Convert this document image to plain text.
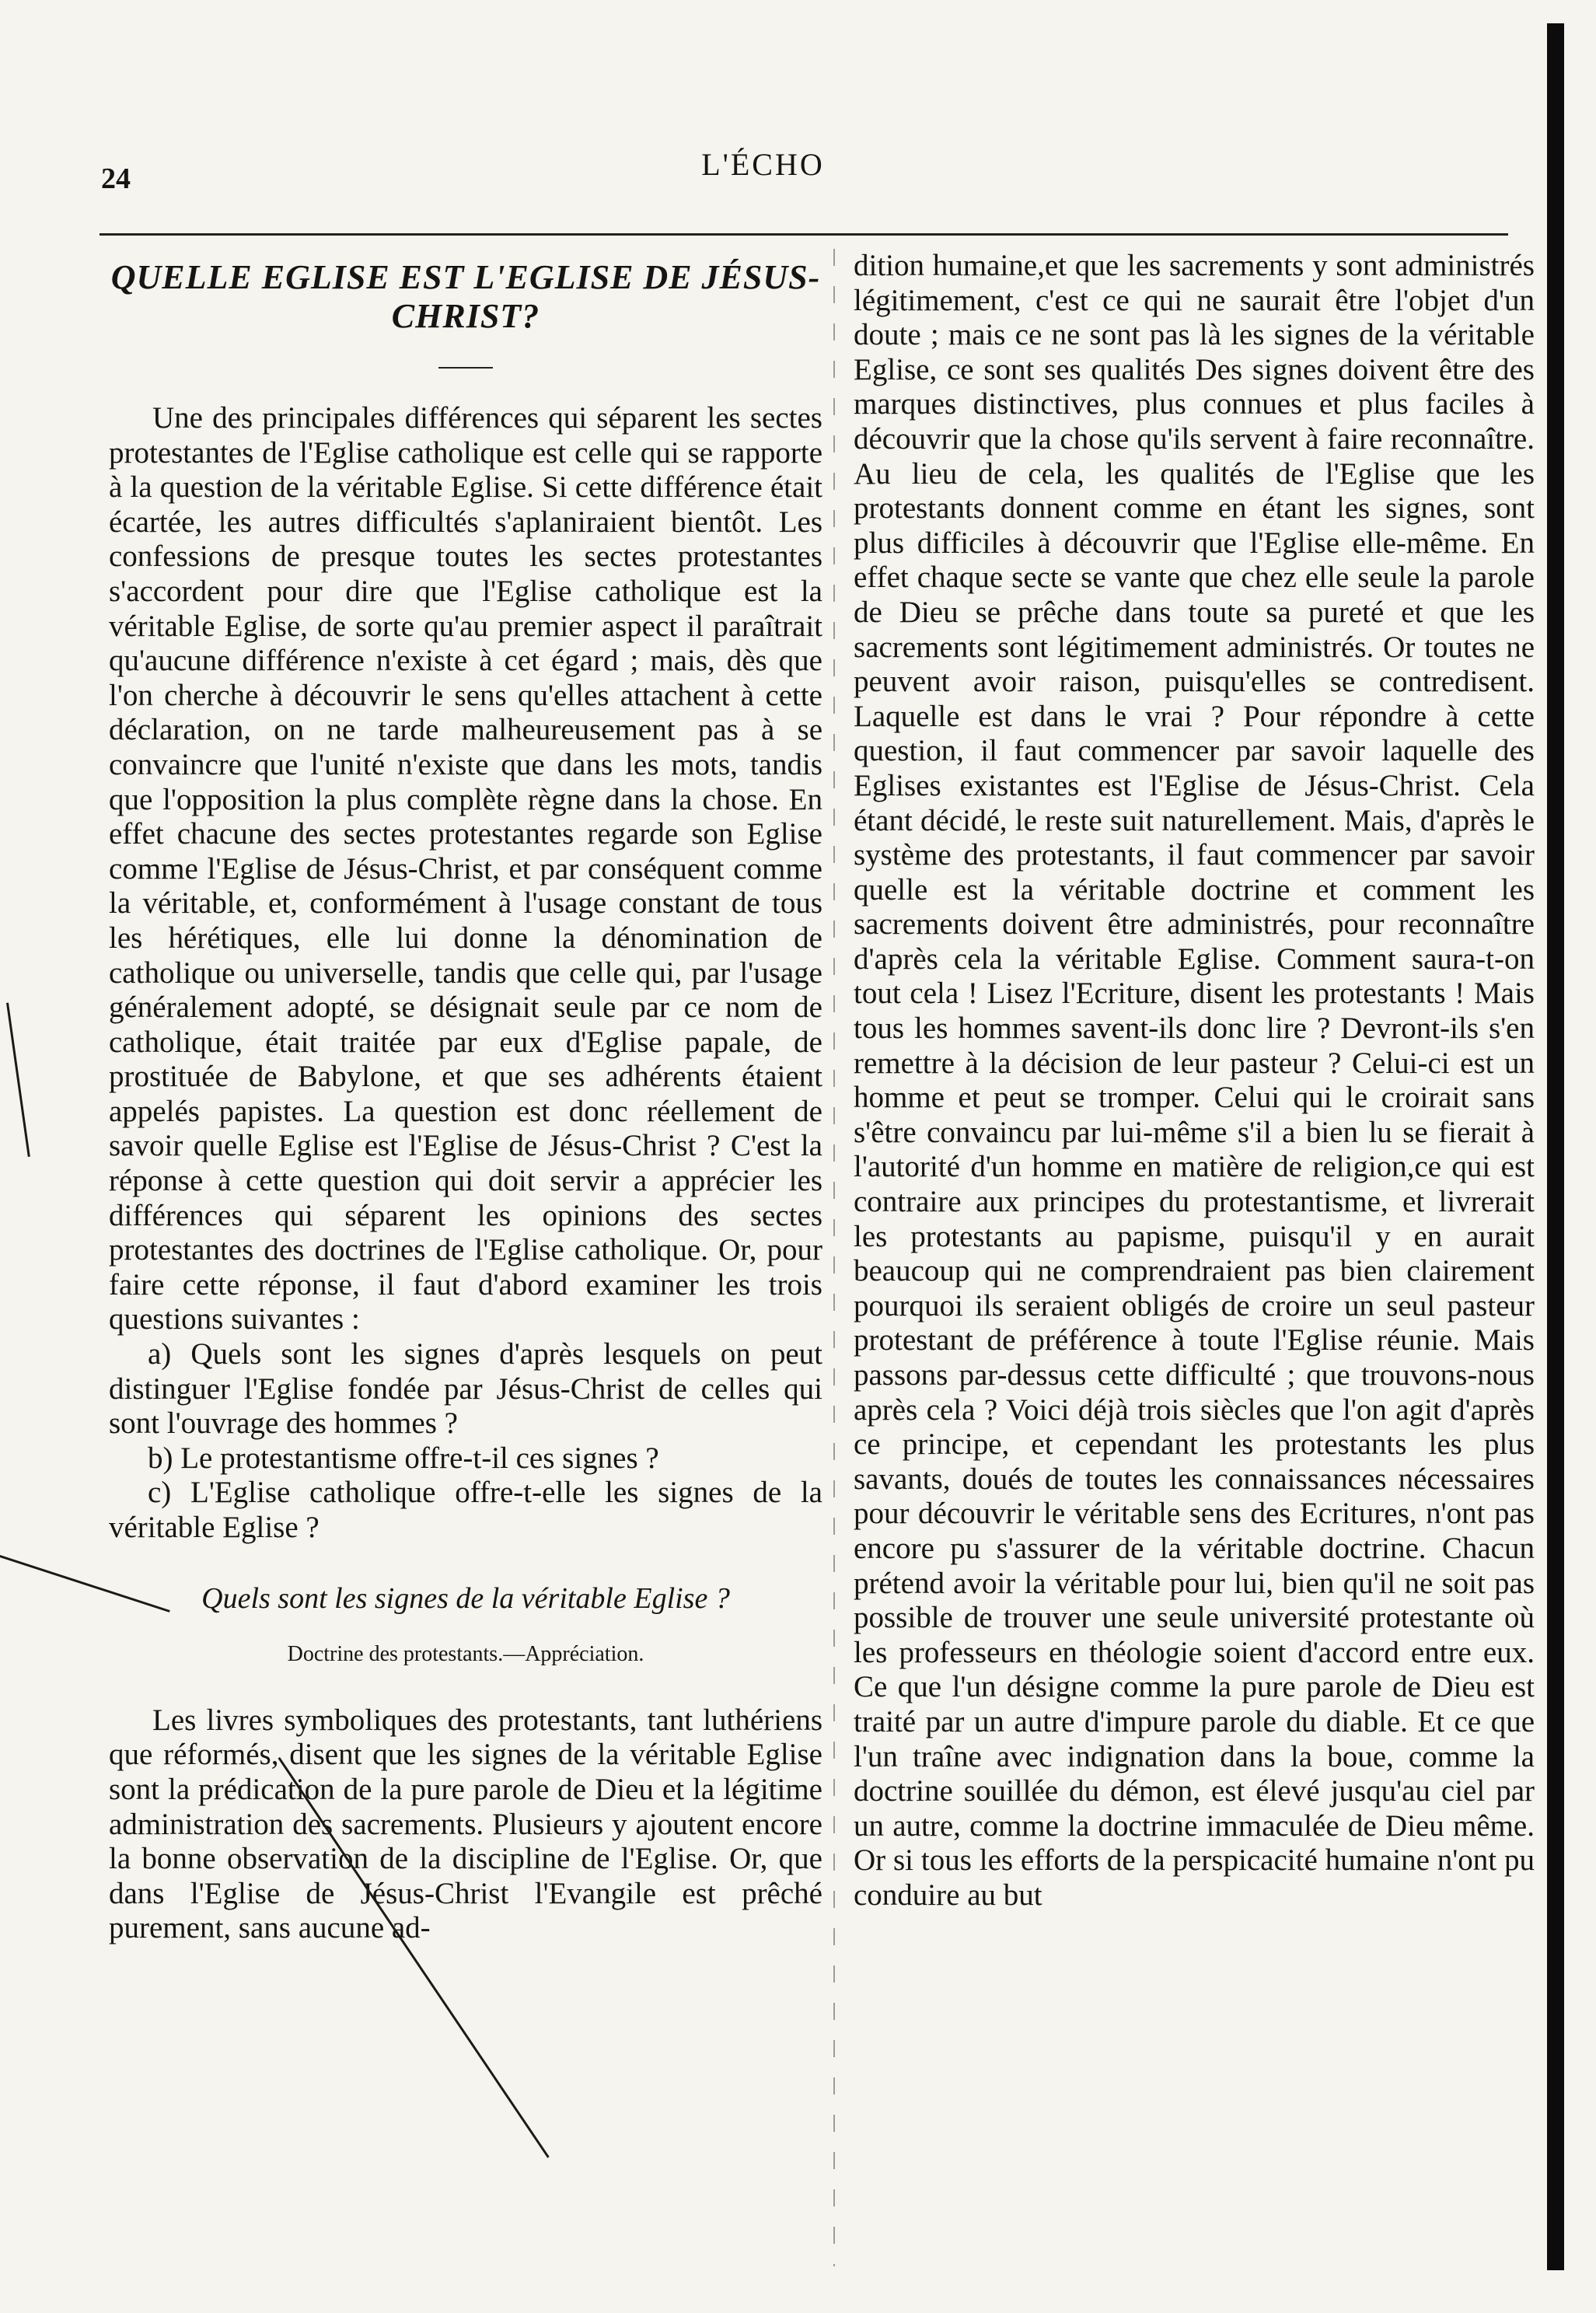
24	L'ÉCHO

QUELLE EGLISE EST L'EGLISE DE JÉSUS-CHRIST?

Une des principales différences qui séparent les sectes protestantes de l'Eglise catholique est celle qui se rapporte à la question de la véritable Eglise. Si cette différence était écartée, les autres difficultés s'aplaniraient bientôt. Les confessions de presque toutes les sectes protestantes s'accordent pour dire que l'Eglise catholique est la véritable Eglise, de sorte qu'au premier aspect il paraîtrait qu'aucune différence n'existe à cet égard ; mais, dès que l'on cherche à découvrir le sens qu'elles attachent à cette déclaration, on ne tarde malheureusement pas à se convaincre que l'unité n'existe que dans les mots, tandis que l'opposition la plus complète règne dans la chose. En effet chacune des sectes protestantes regarde son Eglise comme l'Eglise de Jésus-Christ, et par conséquent comme la véritable, et, conformément à l'usage constant de tous les hérétiques, elle lui donne la dénomination de catholique ou universelle, tandis que celle qui, par l'usage généralement adopté, se désignait seule par ce nom de catholique, était traitée par eux d'Eglise papale, de prostituée de Babylone, et que ses adhérents étaient appelés papistes. La question est donc réellement de savoir quelle Eglise est l'Eglise de Jésus-Christ ? C'est la réponse à cette question qui doit servir a apprécier les différences qui séparent les opinions des sectes protestantes des doctrines de l'Eglise catholique. Or, pour faire cette réponse, il faut d'abord examiner les trois questions suivantes :

a) Quels sont les signes d'après lesquels on peut distinguer l'Eglise fondée par Jésus-Christ de celles qui sont l'ouvrage des hommes ?

b) Le protestantisme offre-t-il ces signes ?

c) L'Eglise catholique offre-t-elle les signes de la véritable Eglise ?

Quels sont les signes de la véritable Eglise ?

Doctrine des protestants.—Appréciation.

Les livres symboliques des protestants, tant luthériens que réformés, disent que les signes de la véritable Eglise sont la prédication de la pure parole de Dieu et la légitime administration des sacrements. Plusieurs y ajoutent encore la bonne observation de la discipline de l'Eglise. Or, que dans l'Eglise de Jésus-Christ l'Evangile est prêché purement, sans aucune ad-

dition humaine,et que les sacrements y sont administrés légitimement, c'est ce qui ne saurait être l'objet d'un doute ; mais ce ne sont pas là les signes de la véritable Eglise, ce sont ses qualités Des signes doivent être des marques distinctives, plus connues et plus faciles à découvrir que la chose qu'ils servent à faire reconnaître. Au lieu de cela, les qualités de l'Eglise que les protestants donnent comme en étant les signes, sont plus difficiles à découvrir que l'Eglise elle-même. En effet chaque secte se vante que chez elle seule la parole de Dieu se prêche dans toute sa pureté et que les sacrements sont légitimement administrés. Or toutes ne peuvent avoir raison, puisqu'elles se contredisent. Laquelle est dans le vrai ? Pour répondre à cette question, il faut commencer par savoir laquelle des Eglises existantes est l'Eglise de Jésus-Christ. Cela étant décidé, le reste suit naturellement. Mais, d'après le système des protestants, il faut commencer par savoir quelle est la véritable doctrine et comment les sacrements doivent être administrés, pour reconnaître d'après cela la véritable Eglise. Comment saura-t-on tout cela ! Lisez l'Ecriture, disent les protestants ! Mais tous les hommes savent-ils donc lire ? Devront-ils s'en remettre à la décision de leur pasteur ? Celui-ci est un homme et peut se tromper. Celui qui le croirait sans s'être convaincu par lui-même s'il a bien lu se fierait à l'autorité d'un homme en matière de religion,ce qui est contraire aux principes du protestantisme, et livrerait les protestants au papisme, puisqu'il y en aurait beaucoup qui ne comprendraient pas bien clairement pourquoi ils seraient obligés de croire un seul pasteur protestant de préférence à toute l'Eglise réunie. Mais passons par-dessus cette difficulté ; que trouvons-nous après cela ? Voici déjà trois siècles que l'on agit d'après ce principe, et cependant les protestants les plus savants, doués de toutes les connaissances nécessaires pour découvrir le véritable sens des Ecritures, n'ont pas encore pu s'assurer de la véritable doctrine. Chacun prétend avoir la véritable pour lui, bien qu'il ne soit pas possible de trouver une seule université protestante où les professeurs en théologie soient d'accord entre eux. Ce que l'un désigne comme la pure parole de Dieu est traité par un autre d'impure parole du diable. Et ce que l'un traîne avec indignation dans la boue, comme la doctrine souillée du démon, est élevé jusqu'au ciel par un autre, comme la doctrine immaculée de Dieu même. Or si tous les efforts de la perspicacité humaine n'ont pu conduire au but
